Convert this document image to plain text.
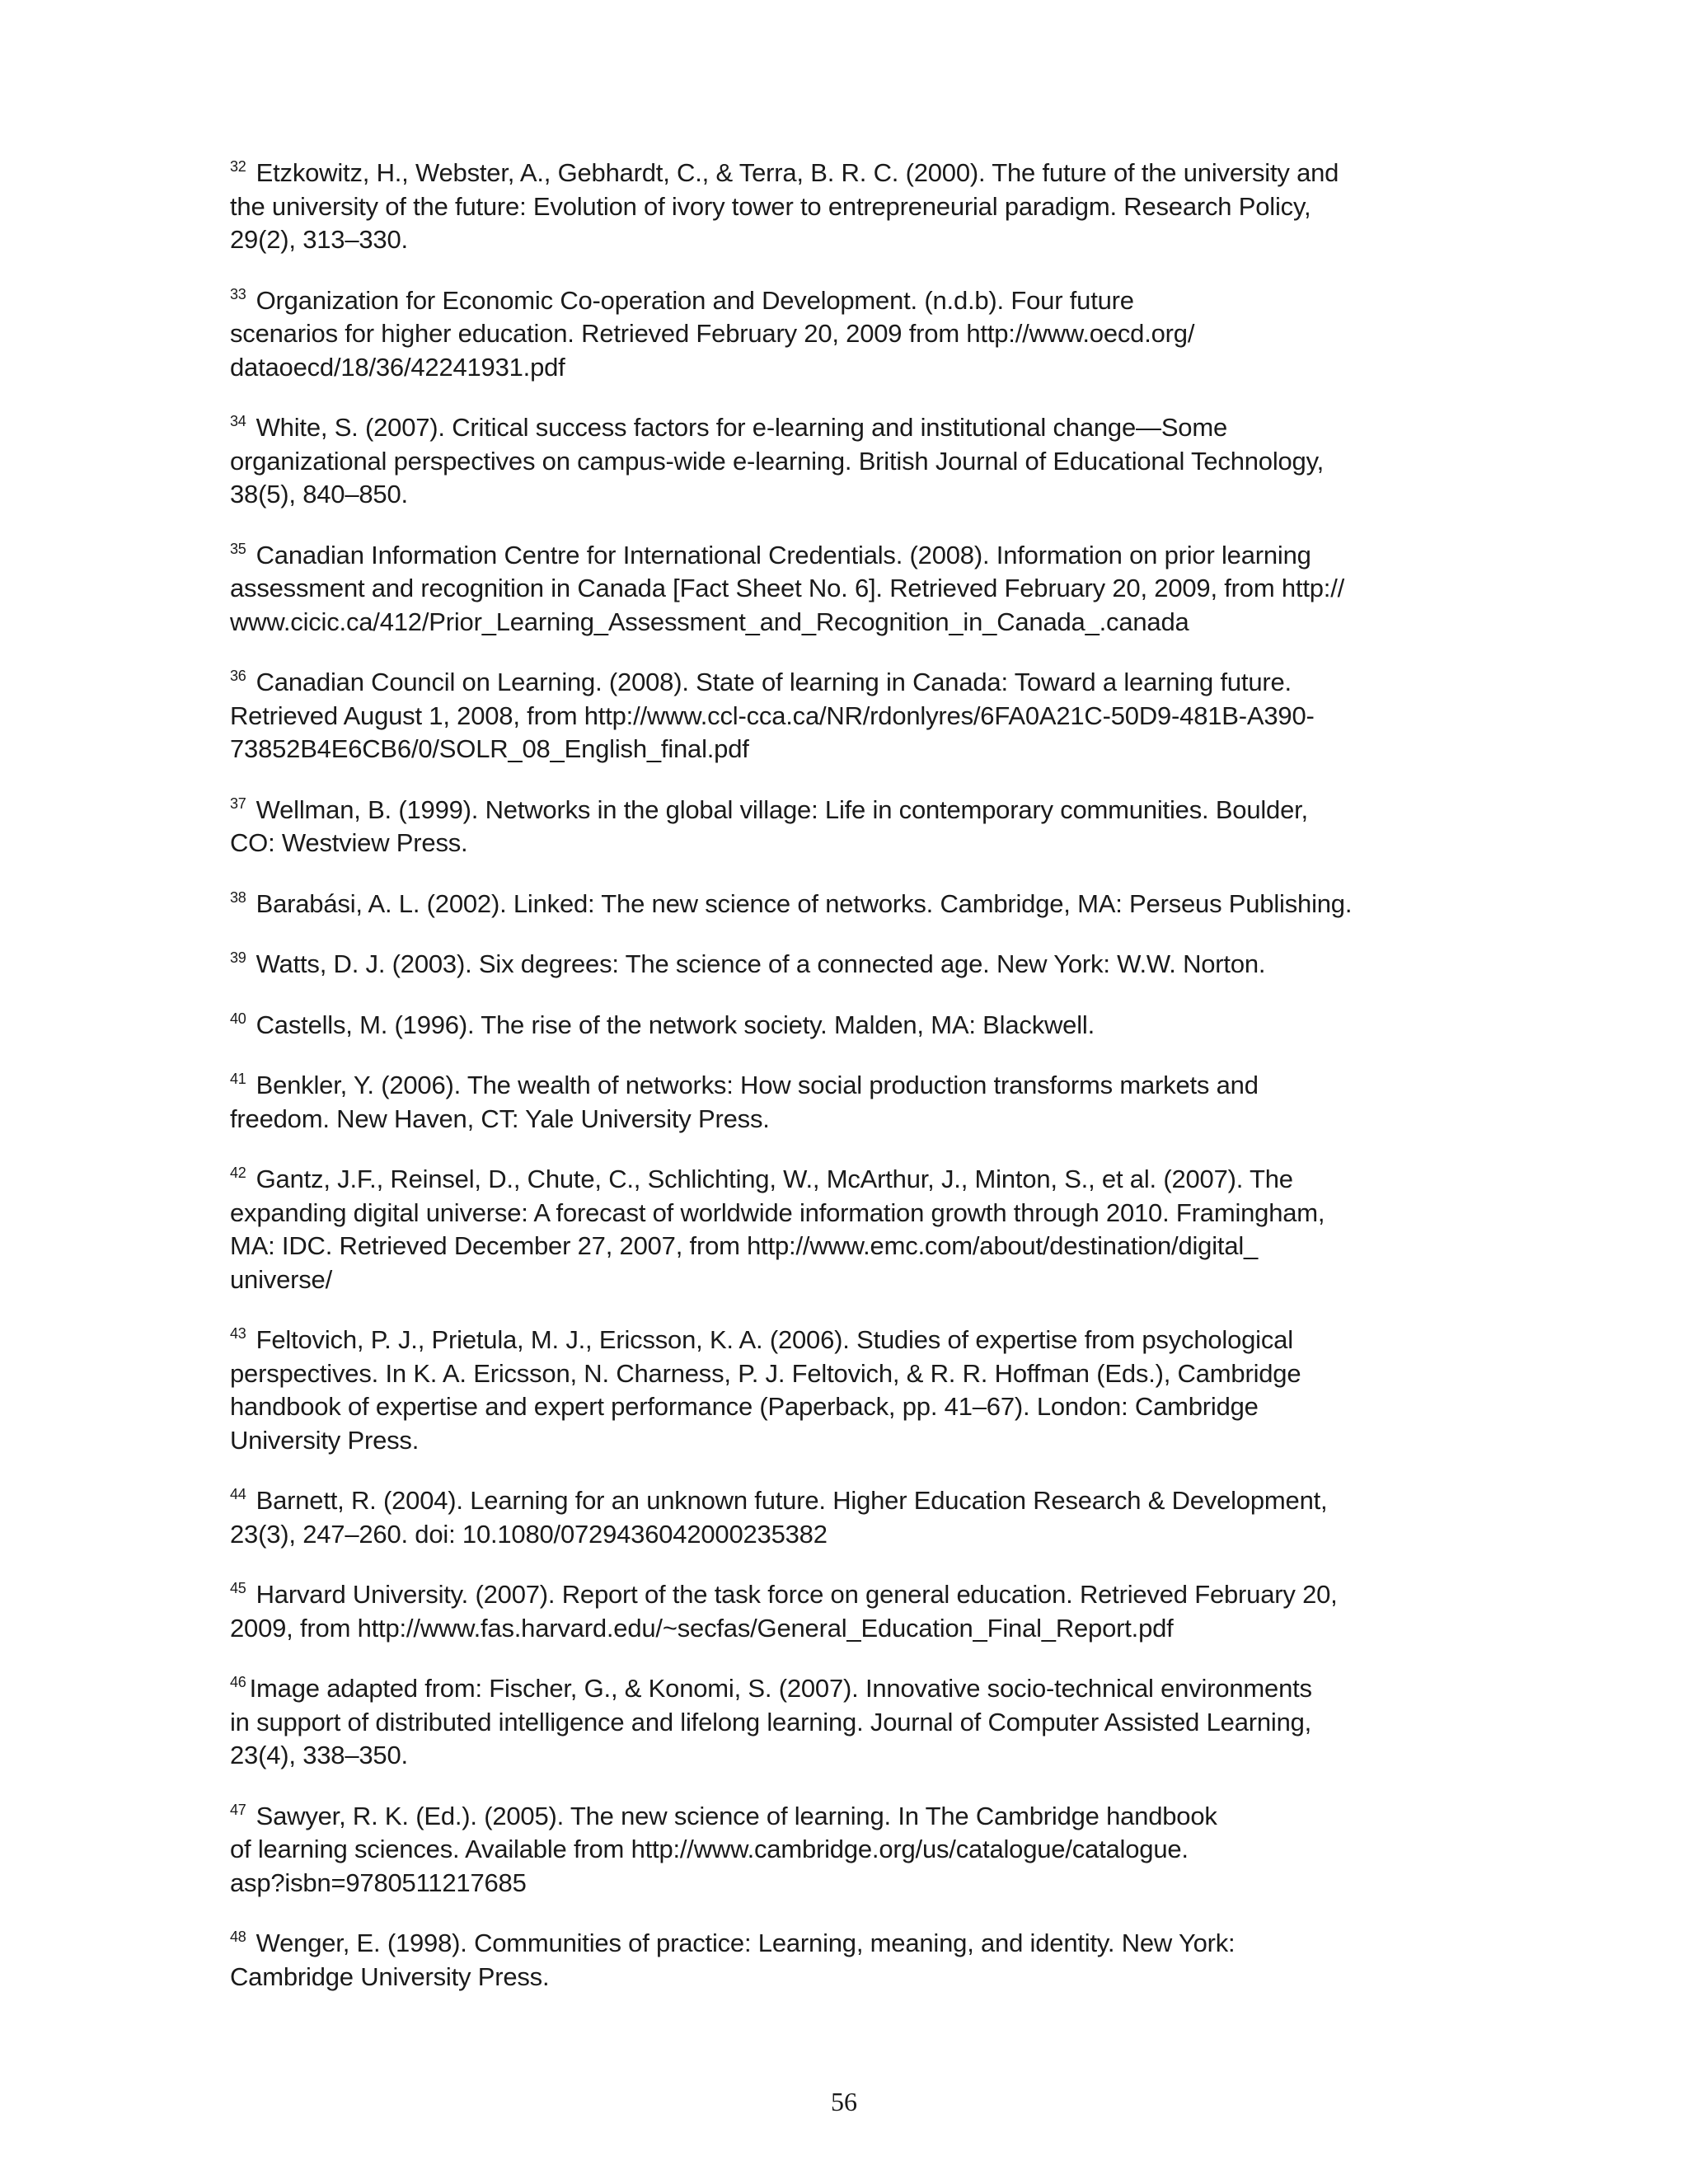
$^{32}$ Etzkowitz, H., Webster, A., Gebhardt, C., & Terra, B. R. C. (2000). The future of the university and
the university of the future: Evolution of ivory tower to entrepreneurial paradigm. Research Policy,
29(2), 313–330.
$^{33}$ Organization for Economic Co-operation and Development. (n.d.b). Four future
scenarios for higher education. Retrieved February 20, 2009 from http://www.oecd.org/
dataoecd/18/36/42241931.pdf
$^{34}$ White, S. (2007). Critical success factors for e-learning and institutional change—Some
organizational perspectives on campus-wide e-learning. British Journal of Educational Technology,
38(5), 840–850.
$^{35}$ Canadian Information Centre for International Credentials. (2008). Information on prior learning
assessment and recognition in Canada [Fact Sheet No. 6]. Retrieved February 20, 2009, from http://
www.cicic.ca/412/Prior_Learning_Assessment_and_Recognition_in_Canada_.canada
$^{36}$ Canadian Council on Learning. (2008). State of learning in Canada: Toward a learning future.
Retrieved August 1, 2008, from http://www.ccl-cca.ca/NR/rdonlyres/6FA0A21C-50D9-481B-A390-
73852B4E6CB6/0/SOLR_08_English_final.pdf
$^{37}$ Wellman, B. (1999). Networks in the global village: Life in contemporary communities. Boulder,
CO: Westview Press.
$^{38}$ Barabási, A. L. (2002). Linked: The new science of networks. Cambridge, MA: Perseus Publishing.
$^{39}$ Watts, D. J. (2003). Six degrees: The science of a connected age. New York: W.W. Norton.
$^{40}$ Castells, M. (1996). The rise of the network society. Malden, MA: Blackwell.
$^{41}$ Benkler, Y. (2006). The wealth of networks: How social production transforms markets and
freedom. New Haven, CT: Yale University Press.
$^{42}$ Gantz, J.F., Reinsel, D., Chute, C., Schlichting, W., McArthur, J., Minton, S., et al. (2007). The
expanding digital universe: A forecast of worldwide information growth through 2010. Framingham,
MA: IDC. Retrieved December 27, 2007, from http://www.emc.com/about/destination/digital_
universe/
$^{43}$ Feltovich, P. J., Prietula, M. J., Ericsson, K. A. (2006). Studies of expertise from psychological
perspectives. In K. A. Ericsson, N. Charness, P. J. Feltovich, & R. R. Hoffman (Eds.), Cambridge
handbook of expertise and expert performance (Paperback, pp. 41–67). London: Cambridge
University Press.
$^{44}$ Barnett, R. (2004). Learning for an unknown future. Higher Education Research & Development,
23(3), 247–260. doi: 10.1080/0729436042000235382
$^{45}$ Harvard University. (2007). Report of the task force on general education. Retrieved February 20,
2009, from http://www.fas.harvard.edu/~secfas/General_Education_Final_Report.pdf
$^{46}$ Image adapted from: Fischer, G., & Konomi, S. (2007). Innovative socio-technical environments
in support of distributed intelligence and lifelong learning. Journal of Computer Assisted Learning,
23(4), 338–350.
$^{47}$ Sawyer, R. K. (Ed.). (2005). The new science of learning. In The Cambridge handbook
of learning sciences. Available from http://www.cambridge.org/us/catalogue/catalogue.
asp?isbn=9780511217685
$^{48}$ Wenger, E. (1998). Communities of practice: Learning, meaning, and identity. New York:
Cambridge University Press.
56
